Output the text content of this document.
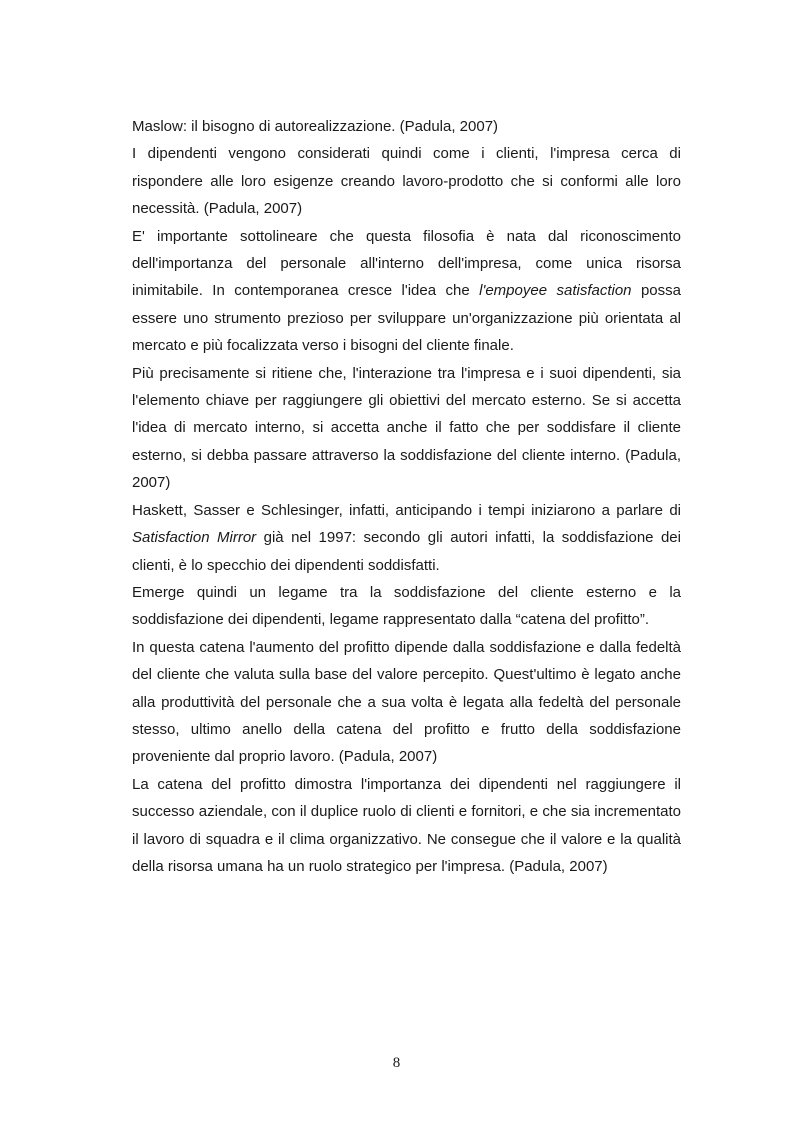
Maslow: il bisogno di autorealizzazione. (Padula, 2007)

I dipendenti vengono considerati quindi come i clienti, l'impresa cerca di rispondere alle loro esigenze creando lavoro-prodotto che si conformi alle loro necessità. (Padula, 2007)

E' importante sottolineare che questa filosofia è nata dal riconoscimento dell'importanza del personale all'interno dell'impresa, come unica risorsa inimitabile. In contemporanea cresce l'idea che l'empoyee satisfaction possa essere uno strumento prezioso per sviluppare un'organizzazione più orientata al mercato e più focalizzata verso i bisogni del cliente finale.

Più precisamente si ritiene che, l'interazione tra l'impresa e i suoi dipendenti, sia l'elemento chiave per raggiungere gli obiettivi del mercato esterno. Se si accetta l'idea di mercato interno, si accetta anche il fatto che per soddisfare il cliente esterno, si debba passare attraverso la soddisfazione del cliente interno. (Padula, 2007)

Haskett, Sasser e Schlesinger, infatti, anticipando i tempi iniziarono a parlare di Satisfaction Mirror già nel 1997: secondo gli autori infatti, la soddisfazione dei clienti, è lo specchio dei dipendenti soddisfatti.

Emerge quindi un legame tra la soddisfazione del cliente esterno e la soddisfazione dei dipendenti, legame rappresentato dalla “catena del profitto”.

In questa catena l'aumento del profitto dipende dalla soddisfazione e dalla fedeltà del cliente che valuta sulla base del valore percepito. Quest'ultimo è legato anche alla produttività del personale che a sua volta è legata alla fedeltà del personale stesso, ultimo anello della catena del profitto e frutto della soddisfazione proveniente dal proprio lavoro. (Padula, 2007)

La catena del profitto dimostra l'importanza dei dipendenti nel raggiungere il successo aziendale, con il duplice ruolo di clienti e fornitori, e che sia incrementato il lavoro di squadra e il clima organizzativo. Ne consegue che il valore e la qualità della risorsa umana ha un ruolo strategico per l'impresa. (Padula, 2007)

8
